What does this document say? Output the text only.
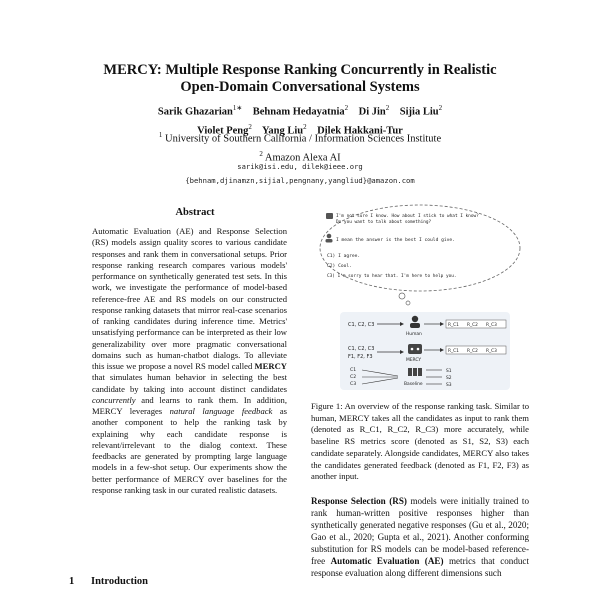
MERCY: Multiple Response Ranking Concurrently in Realistic
Open-Domain Conversational Systems
Sarik Ghazarian$^{1∗}$ Behnam Hedayatnia$^2$ Di Jin$^2$ Sijia Liu$^2$
Violet Peng$^2$ Yang Liu$^2$ Dilek Hakkani-Tur
$^1$ University of Southern California / Information Sciences Institute
$^2$ Amazon Alexa AI
sarik@isi.edu, dilek@ieee.org
{behnam,djinamzn,sijial,pengnany,yangliud}@amazon.com
Abstract

Automatic Evaluation (AE) and Response Selection (RS) models assign quality scores to various candidate responses and rank them in conversational setups. Prior response ranking research compares various models' performance on synthetically generated test sets. In this work, we investigate the performance of model-based reference-free AE and RS models on our constructed response ranking datasets that mirror real-case scenarios of ranking candidates during inference time. Metrics' unsatisfying performance can be interpreted as their low generalizability over more pragmatic conversational domains such as human-chatbot dialogs. To alleviate this issue we propose a novel RS model called MERCY that simulates human behavior in selecting the best candidate by taking into account distinct candidates concurrently and learns to rank them. In addition, MERCY leverages natural language feedback as another component to help the ranking task by explaining why each candidate response is relevant/irrelevant to the dialog context. These feedbacks are generated by prompting large language models in a few-shot setup. Our experiments show the better performance of MERCY over baselines for the response ranking task in our curated realistic datasets.

1 Introduction
I'm not sure I know. How about I stick to what I know?
Do you want to talk about something?
I mean the answer is the best I could give.
C1) I agree.
C2) Cool.
C3) I'm sorry to hear that. I'm here to help you.
C1, C2, C3
Human
R_C1 R_C2 R_C3
C1, C2, C3
F1, F2, F3
MERCY
R_C1 R_C2 R_C3
C1
C2
C3	Baseline
S1
S2
S3

Figure 1: An overview of the response ranking task. Similar to human, MERCY takes all the candidates as input to rank them (denoted as R_C1, R_C2, R_C3) more accurately, while baseline RS metrics score (denoted as S1, S2, S3) each candidate separately. Alongside candidates, MERCY also takes the candidates generated feedback (denoted as F1, F2, F3) as another input.

Response Selection (RS) models were initially trained to rank human-written positive responses higher than synthetically generated negative responses (Gu et al., 2020; Gao et al., 2020; Gupta et al., 2021). Another conforming substitution for RS models can be model-based reference-free Automatic Evaluation (AE) metrics that conduct response evaluation along different dimensions such
